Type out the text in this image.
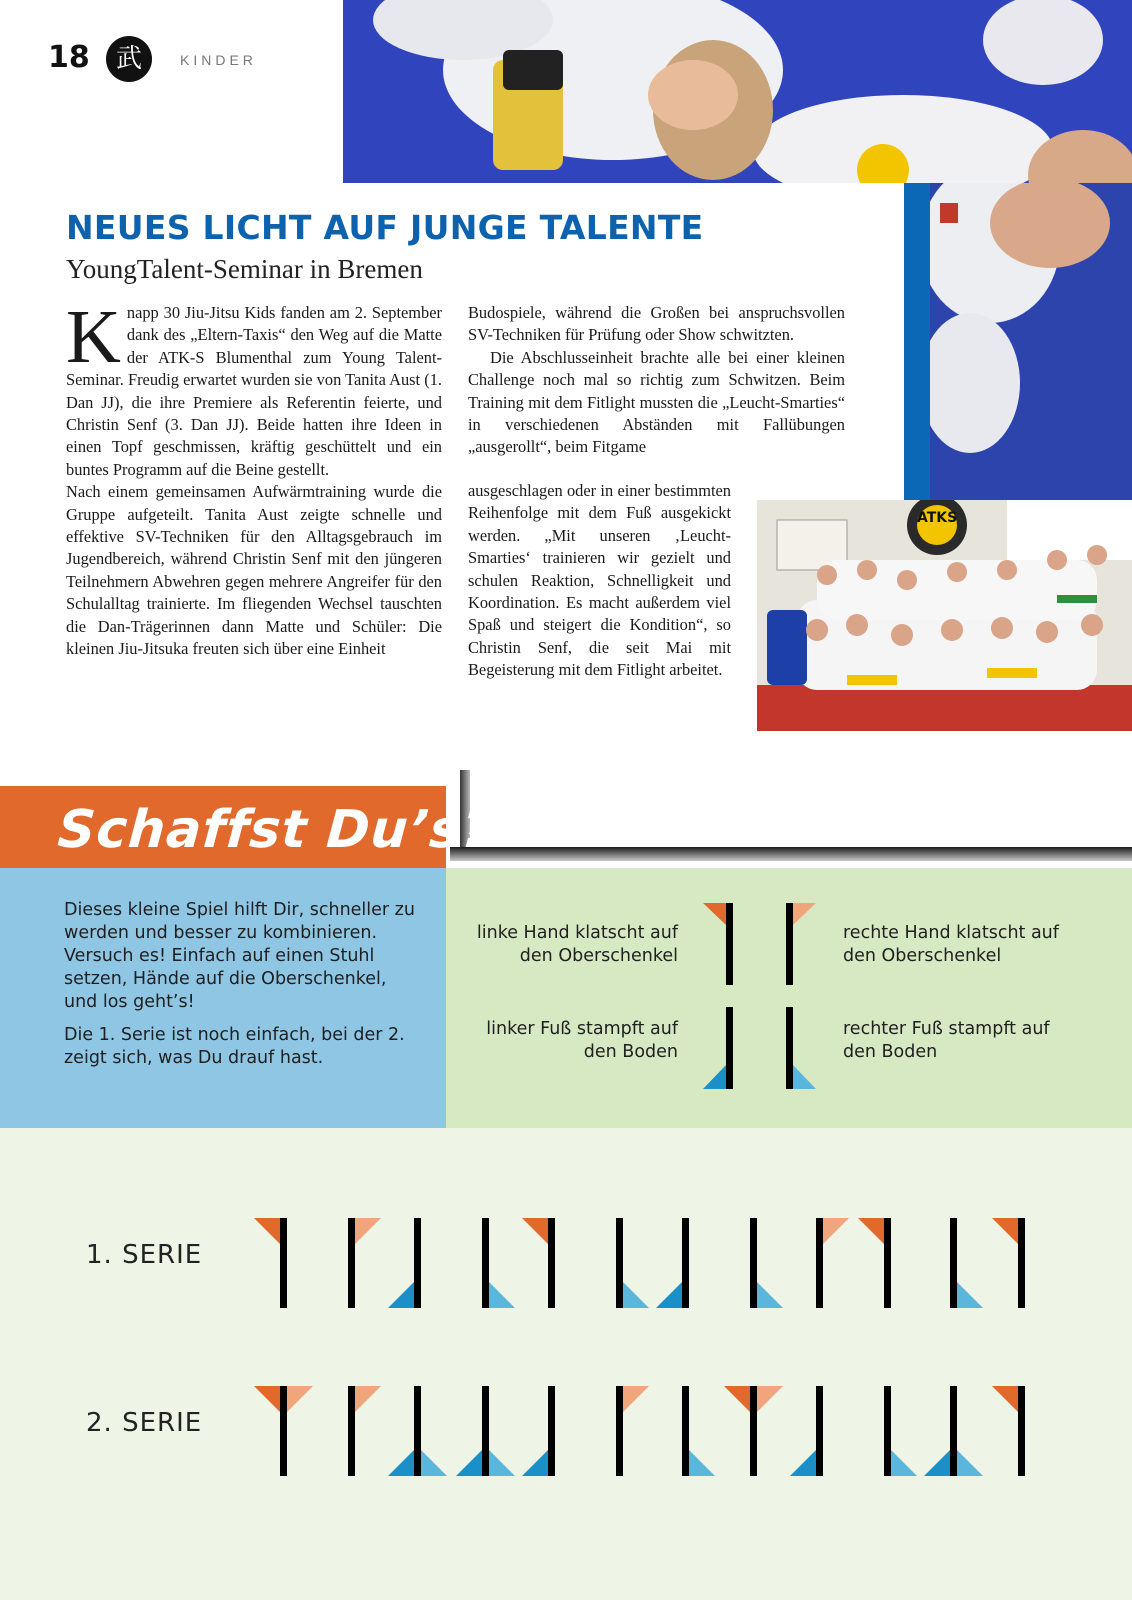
18	武	KINDER
NEUES LICHT AUF JUNGE TALENTE
YoungTalent-Seminar in Bremen

Knapp 30 Jiu-Jitsu Kids fanden am 2. September dank des „Eltern-Taxis“ den Weg auf die Matte der ATK-S Blumenthal zum Young Talent-Seminar. Freudig erwartet wurden sie von Tanita Aust (1. Dan JJ), die ihre Premiere als Referentin feierte, und Christin Senf (3. Dan JJ). Beide hatten ihre Ideen in einen Topf geschmissen, kräftig geschüttelt und ein buntes Programm auf die Beine gestellt.

Nach einem gemeinsamen Aufwärmtraining wurde die Gruppe aufgeteilt. Tanita Aust zeigte schnelle und effektive SV-Techniken für den Alltagsgebrauch im Jugendbereich, während Christin Senf mit den jüngeren Teilnehmern Abwehren gegen mehrere Angreifer für den Schulalltag trainierte. Im fliegenden Wechsel tauschten die Dan-Trägerinnen dann Matte und Schüler: Die kleinen Jiu-Jitsuka freuten sich über eine Einheit

Budospiele, während die Großen bei anspruchsvollen SV-Techniken für Prüfung oder Show schwitzten.

Die Abschlusseinheit brachte alle bei einer kleinen Challenge noch mal so richtig zum Schwitzen. Beim Training mit dem Fitlight mussten die „Leucht-Smarties“ in verschiedenen Abständen mit Fallübungen „ausgerollt“, beim Fitgame

ausgeschlagen oder in einer bestimmten Reihenfolge mit dem Fuß ausgekickt werden. „Mit unseren ‚Leucht-Smarties‘ trainieren wir gezielt und schulen Reaktion, Schnelligkeit und Koordination. Es macht außerdem viel Spaß und steigert die Kondition“, so Christin Senf, die seit Mai mit Begeisterung mit dem Fitlight arbeitet.

ATKS
Schaffst Du’s?

Dieses kleine Spiel hilft Dir, schneller zu werden und besser zu kombinieren. Versuch es! Einfach auf einen Stuhl setzen, Hände auf die Oberschenkel, und los geht’s!

Die 1. Serie ist noch einfach, bei der 2. zeigt sich, was Du drauf hast.

linke Hand klatscht auf den Oberschenkel
rechte Hand klatscht auf den Oberschenkel
linker Fuß stampft auf den Boden
rechter Fuß stampft auf den Boden
1. SERIE
2. SERIE
